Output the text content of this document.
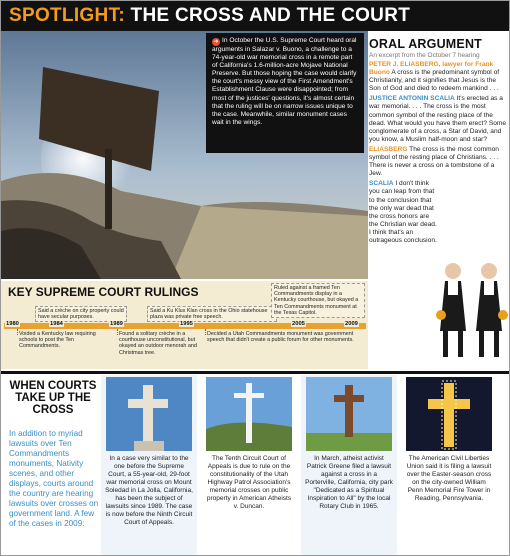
SPOTLIGHT: THE CROSS AND THE COURT

➜ In October the U.S. Supreme Court heard oral arguments in Salazar v. Buono, a challenge to a 74-year-old war memorial cross in a remote part of California's 1.6-million-acre Mojave National Preserve. But those hoping the case would clarify the court's messy view of the First Amendment's Establishment Clause were disappointed; from most of the justices' questions, it's almost certain that the ruling will be on narrow issues unique to the case. Meanwhile, similar monument cases wait in the wings.

ORAL ARGUMENT
An excerpt from the October 7 hearing

PETER J. ELIASBERG, lawyer for Frank Buono A cross is the predominant symbol of Christianity, and it signifies that Jesus is the Son of God and died to redeem mankind . . .

JUSTICE ANTONIN SCALIA It's erected as a war memorial. . . . The cross is the most common symbol of the resting place of the dead. What would you have them erect? Some conglomerate of a cross, a Star of David, and you know, a Muslim half-moon and star?

ELIASBERG The cross is the most common symbol of the resting place of Christians. . . . There is never a cross on a tombstone of a Jew.

SCALIA I don't think you can leap from that to the conclusion that the only war dead that the cross honors are the Christian war dead. I think that's an outrageous conclusion.

KEY SUPREME COURT RULINGS
Said a crèche on city property could have secular purposes.
Said a Ku Klux Klan cross in the Ohio statehouse plaza was private free speech.
Ruled against a framed Ten Commandments display in a Kentucky courthouse, but okayed a Ten Commandments monument at the Texas Capitol.
1980	1984	1989	1995	2005	2009
Voided a Kentucky law requiring schools to post the Ten Commandments.
Found a solitary crèche in a courthouse unconstitutional, but okayed an outdoor menorah and Christmas tree.
Decided a Utah Commandments monument was government speech that didn't create a public forum for other monuments.
WHEN COURTS TAKE UP THE CROSS
In addition to myriad lawsuits over Ten Commandments monuments, Nativity scenes, and other displays, courts around the country are hearing lawsuits over crosses on government land. A few of the cases in 2009:

In a case very similar to the one before the Supreme Court, a 55-year-old, 29-foot war memorial cross on Mount Soledad in La Jolla, California, has been the subject of lawsuits since 1989. The case is now before the Ninth Circuit Court of Appeals.

The Tenth Circuit Court of Appeals is due to rule on the constitutionality of the Utah Highway Patrol Association's memorial crosses on public property in American Atheists v. Duncan.

In March, atheist activist Patrick Greene filed a lawsuit against a cross in a Porterville, California, city park "Dedicated as a Spiritual Inspiration to All" by the local Rotary Club in 1965.

The American Civil Liberties Union said it is filing a lawsuit over the Easter-season cross on the city-owned William Penn Memorial Fire Tower in Reading, Pennsylvania.
